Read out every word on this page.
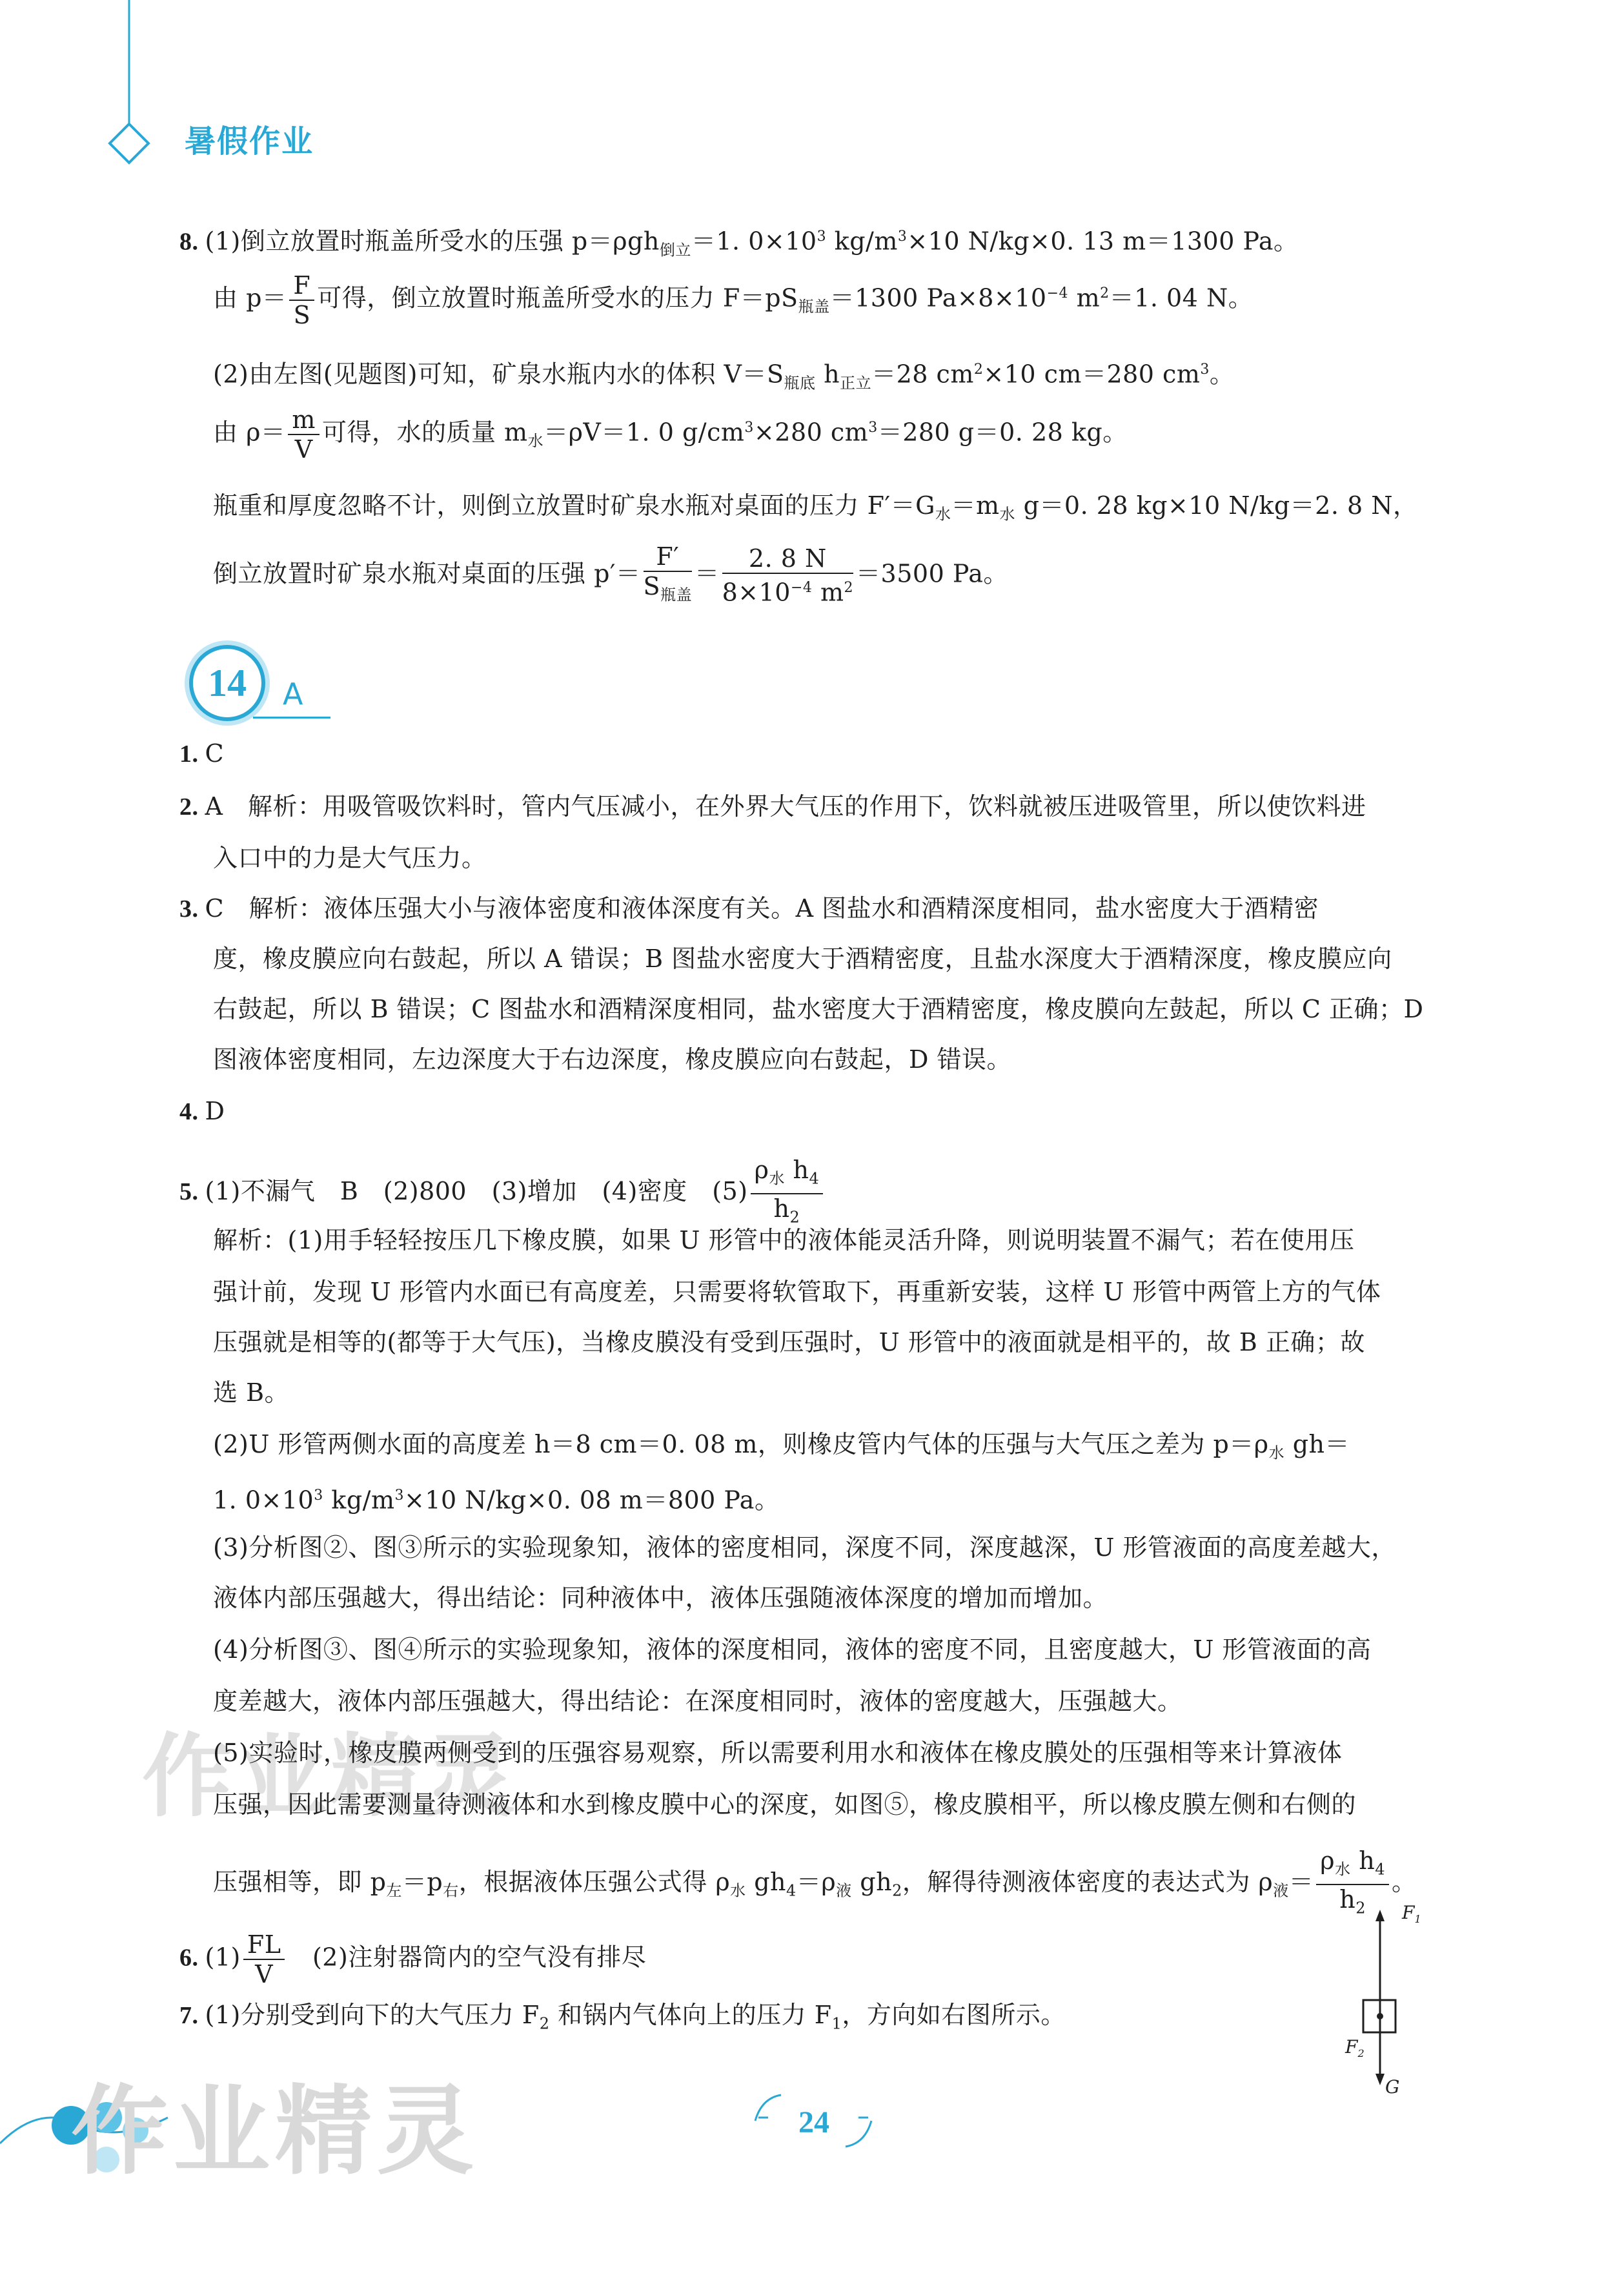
暑假作业
8. (1)倒立放置时瓶盖所受水的压强 p＝ρgh$_{倒立}$＝1. $0\times 10^3$ $kg/m^3\times 10$ N/kg×0. 13 m＝1300 Pa。
由 $p= \frac{F}{S}$ 可得，倒立放置时瓶盖所受水的压力 $F=pS_{瓶盖}=1300$ $Pa\times 8\times 10^{-4}$ $m^2=1$. 04 N。
(2)由左图(见题图)可知，矿泉水瓶内水的体积 $V=S_{瓶底}$ $h_{正立}=28$ $cm^2\times 10$ cm＝280 $cm^3$。
由 $\rho= \frac{m}{V}$ 可得，水的质量 $m_水=\rho V=1$. 0 $g/cm^3\times 280$ $cm^3=280$ g＝0. 28 kg。
瓶重和厚度忽略不计，则倒立放置时矿泉水瓶对桌面的压力 $F'=G_水=m_水$ g＝0. 28 kg×10 N/kg＝2. 8 N，
倒立放置时矿泉水瓶对桌面的压强 $p'= \frac{F'}{S_{瓶盖}} = \frac{2. 8 N}{8\times 10^{-4} m^2} =3500$ Pa。
14 A
1. C
2. A　解析：用吸管吸饮料时，管内气压减小，在外界大气压的作用下，饮料就被压进吸管里，所以使饮料进
入口中的力是大气压力。
3. C　解析：液体压强大小与液体密度和液体深度有关。A 图盐水和酒精深度相同，盐水密度大于酒精密
度，橡皮膜应向右鼓起，所以 A 错误；B 图盐水密度大于酒精密度，且盐水深度大于酒精深度，橡皮膜应向
右鼓起，所以 B 错误；C 图盐水和酒精深度相同，盐水密度大于酒精密度，橡皮膜向左鼓起，所以 C 正确；D
图液体密度相同，左边深度大于右边深度，橡皮膜应向右鼓起，D 错误。
4. D
5. (1)不漏气　B　(2)800　(3)增加　(4)密度　$(5) \frac{\rho_水 h_4}{h_2}$
解析：(1)用手轻轻按压几下橡皮膜，如果 U 形管中的液体能灵活升降，则说明装置不漏气；若在使用压
强计前，发现 U 形管内水面已有高度差，只需要将软管取下，再重新安装，这样 U 形管中两管上方的气体
压强就是相等的(都等于大气压)，当橡皮膜没有受到压强时，U 形管中的液面就是相平的，故 B 正确；故
选 B。
(2)U 形管两侧水面的高度差 h＝8 cm＝0. 08 m，则橡皮管内气体的压强与大气压之差为 $p=\rho_水$ gh＝
1. $0\times 10^3$ $kg/m^3\times 10$ N/kg×0. 08 m＝800 Pa。
(3)分析图②、图③所示的实验现象知，液体的密度相同，深度不同，深度越深，U 形管液面的高度差越大，
液体内部压强越大，得出结论：同种液体中，液体压强随液体深度的增加而增加。
(4)分析图③、图④所示的实验现象知，液体的深度相同，液体的密度不同，且密度越大，U 形管液面的高
度差越大，液体内部压强越大，得出结论：在深度相同时，液体的密度越大，压强越大。
作业精灵
(5)实验时，橡皮膜两侧受到的压强容易观察，所以需要利用水和液体在橡皮膜处的压强相等来计算液体
压强，因此需要测量待测液体和水到橡皮膜中心的深度，如图⑤，橡皮膜相平，所以橡皮膜左侧和右侧的
压强相等，即 $p_左=p_右$，根据液体压强公式得 $\rho_水$ $gh_4=\rho_液$ $gh_2$，解得待测液体密度的表达式为 $\rho_液= \frac{\rho_水 h_4}{h_2}$ 。
6. $(1) \frac{FL}{V}$ 　(2)注射器筒内的空气没有排尽
7. (1)分别受到向下的大气压力 $F_2$ 和锅内气体向上的压力 $F_1$，方向如右图所示。
$F_1$
$F_2$
G
作业精灵	24
